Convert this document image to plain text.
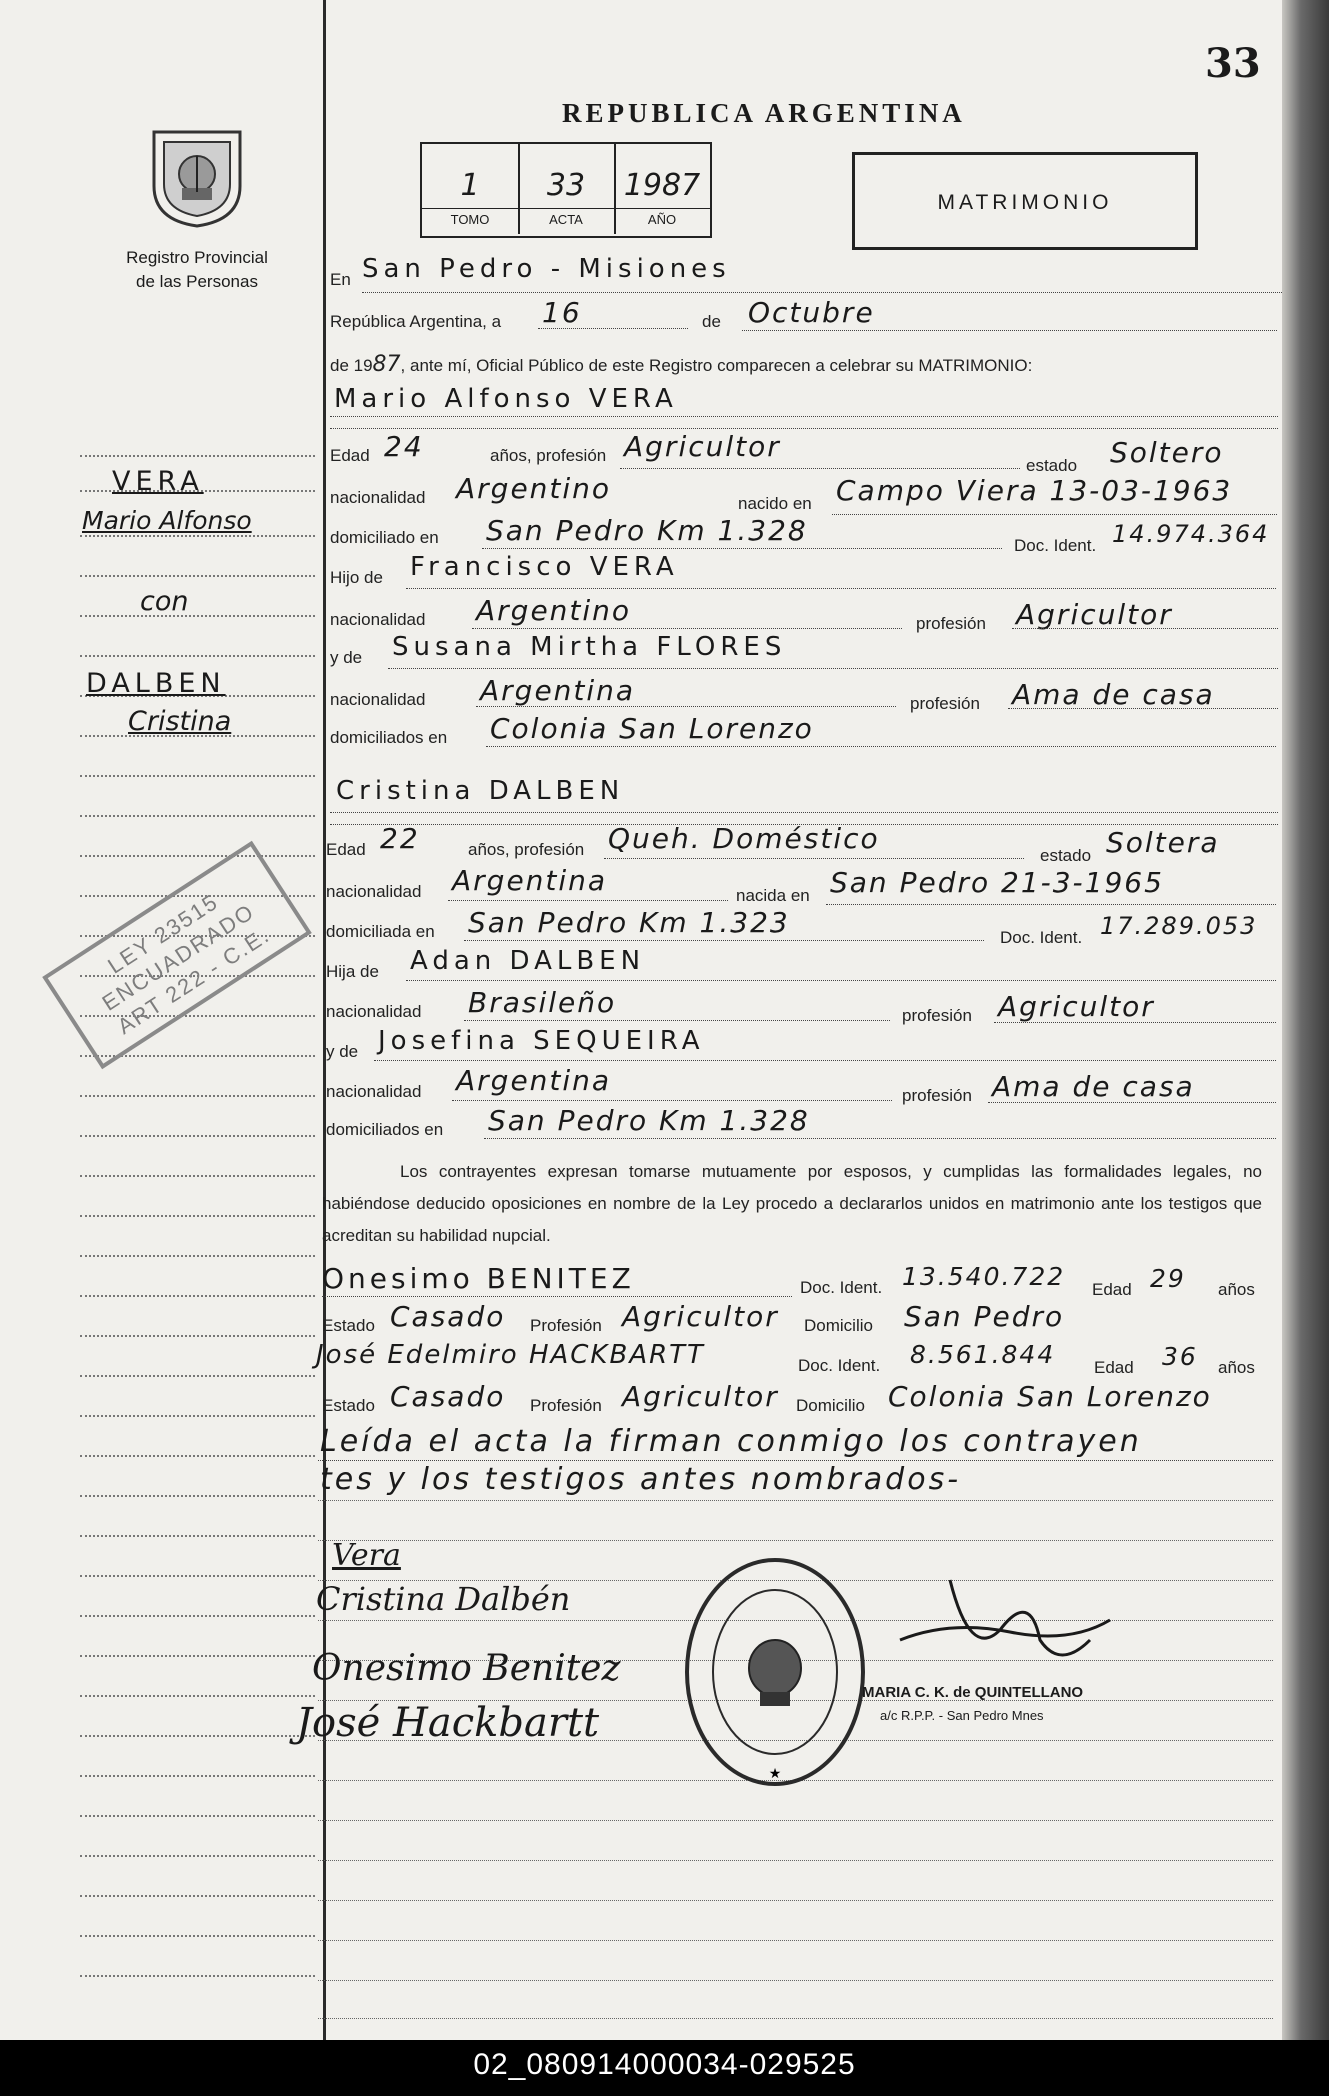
33
REPUBLICA ARGENTINA
Registro Provincial
de las Personas
1
TOMO
33
ACTA
1987
AÑO
MATRIMONIO
VERA
Mario Alfonso
con
DALBEN
Cristina
LEY 23515 ENCUADRADO ART 222 - C.E.
En San Pedro - Misiones
República Argentina, a 16	de Octubre
de 1987, ante mí, Oficial Público de este Registro comparecen a celebrar su MATRIMONIO:
Mario Alfonso VERA
Edad 24	años, profesión Agricultor
estado Soltero
nacionalidad Argentino	nacido en Campo Viera 13-03-1963
domiciliado en San Pedro Km 1.328	Doc. Ident. 14.974.364
Hijo de Francisco VERA
nacionalidad Argentino	profesión Agricultor
y de Susana Mirtha FLORES
nacionalidad Argentina	profesión Ama de casa
domiciliados en Colonia San Lorenzo
Cristina DALBEN
Edad 22	años, profesión Queh. Doméstico
estado Soltera
nacionalidad Argentina	nacida en San Pedro 21-3-1965
domiciliada en San Pedro Km 1.323	Doc. Ident. 17.289.053
Hija de Adan DALBEN
nacionalidad Brasileño	profesión Agricultor
y de Josefina SEQUEIRA
nacionalidad Argentina	profesión Ama de casa
domiciliados en San Pedro Km 1.328
Los contrayentes expresan tomarse mutuamente por esposos, y cumplidas las formalidades legales, no habiéndose deducido oposiciones en nombre de la Ley procedo a declararlos unidos en matrimonio ante los testigos que acreditan su habilidad nupcial.
Onesimo BENITEZ	Doc. Ident. 13.540.722 Edad 29 años
Estado Casado Profesión Agricultor Domicilio San Pedro
José Edelmiro HACKBARTT	Doc. Ident. 8.561.844 Edad 36 años
Estado Casado Profesión Agricultor Domicilio Colonia San Lorenzo
Leída el acta la firman conmigo los contrayen
tes y los testigos antes nombrados-
Vera
Cristina Dalbén
Onesimo Benitez
José Hackbartt
★
MARIA C. K. de QUINTELLANO
a/c R.P.P. - San Pedro Mnes
02_080914000034-029525
